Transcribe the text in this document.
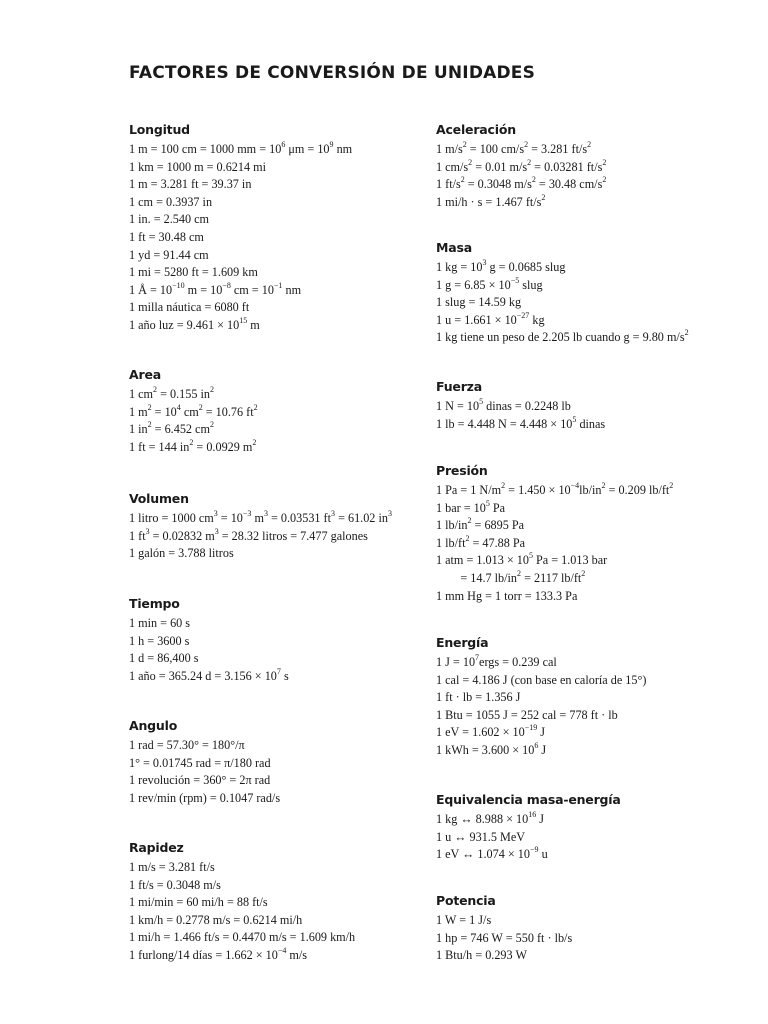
FACTORES DE CONVERSIÓN DE UNIDADES
Longitud
1 m = 100 cm = 1000 mm = $10^6$ $\mu m = 10^9$ nm
1 km = 1000 m = 0.6214 mi
1 m = 3.281 ft = 39.37 in
1 cm = 0.3937 in
1 in. = 2.540 cm
1 ft = 30.48 cm
1 yd = 91.44 cm
1 mi = 5280 ft = 1.609 km
1 Å = $10^{-10}$ $m = 10^{-8}$ cm = $10^{-1}$ nm
1 milla náutica = 6080 ft
1 año luz = $9.461 \times 10^{15}$ m
Area
1 $cm^2 = 0.155$ $in^2$
1 $m^2 = 10^4$ $cm^2 = 10.76$ $ft^2$
1 $in^2 = 6.452$ $cm^2$
1 ft = 144 $in^2 = 0.0929$ $m^2$
Volumen
1 litro = 1000 $cm^3 = 10^{-3}$ $m^3 = 0.03531$ $ft^3 = 61.02$ $in^3$
1 $ft^3 = 0.02832$ $m^3 = 28.32$ litros = 7.477 galones
1 galón = 3.788 litros
Tiempo
1 min = 60 s
1 h = 3600 s
1 d = 86,400 s
1 año = 365.24 $d = 3.156 \times 10^7$ s
Angulo
1 rad = 57.30° = 180°/π
1° = 0.01745 rad = π/180 rad
1 revolución = 360° = 2π rad
1 rev/min (rpm) = 0.1047 rad/s
Rapidez
1 m/s = 3.281 ft/s
1 ft/s = 0.3048 m/s
1 mi/min = 60 mi/h = 88 ft/s
1 km/h = 0.2778 m/s = 0.6214 mi/h
1 mi/h = 1.466 ft/s = 0.4470 m/s = 1.609 km/h
1 furlong/14 días = $1.662 \times 10^{-4}$ m/s
Aceleración
1 $m/s^2 = 100$ $cm/s^2 = 3.281$ $ft/s^2$
1 $cm/s^2 = 0.01$ $m/s^2 = 0.03281$ $ft/s^2$
1 $ft/s^2 = 0.3048$ $m/s^2 = 30.48$ $cm/s^2$
1 mi/h · s = 1.467 $ft/s^2$
Masa
1 kg = $10^3$ g = 0.0685 slug
1 $g = 6.85 \times 10^{-5}$ slug
1 slug = 14.59 kg
1 $u = 1.661 \times 10^{-27}$ kg
1 kg tiene un peso de 2.205 lb cuando g = 9.80 $m/s^2$
Fuerza
1 $N = 10^5$ dinas = 0.2248 lb
1 lb = 4.448 $N = 4.448 \times 10^5$ dinas
Presión
1 Pa = 1 $N/m^2 = 1.450 \times 10^{-4}lb/in^2 = 0.209$ $lb/ft^2$
1 bar = $10^5$ Pa
1 $lb/in^2 = 6895$ Pa
1 $lb/ft^2 = 47.88$ Pa
1 atm = $1.013 \times 10^5$ Pa = 1.013 bar
= 14.7 $lb/in^2 = 2117$ $lb/ft^2$
1 mm Hg = 1 torr = 133.3 Pa
Energía
1 $J = 10^7ergs = 0.239$ cal
1 cal = 4.186 J (con base en caloría de 15°)
1 ft · lb = 1.356 J
1 Btu = 1055 J = 252 cal = 778 ft · lb
1 eV = $1.602 \times 10^{-19}$ J
1 kWh = $3.600 \times 10^6$ J
Equivalencia masa-energía
1 kg ↔ $8.988 \times 10^{16}$ J
1 u ↔ 931.5 MeV
1 eV ↔ $1.074 \times 10^{-9}$ u
Potencia
1 W = 1 J/s
1 hp = 746 W = 550 ft · lb/s
1 Btu/h = 0.293 W
